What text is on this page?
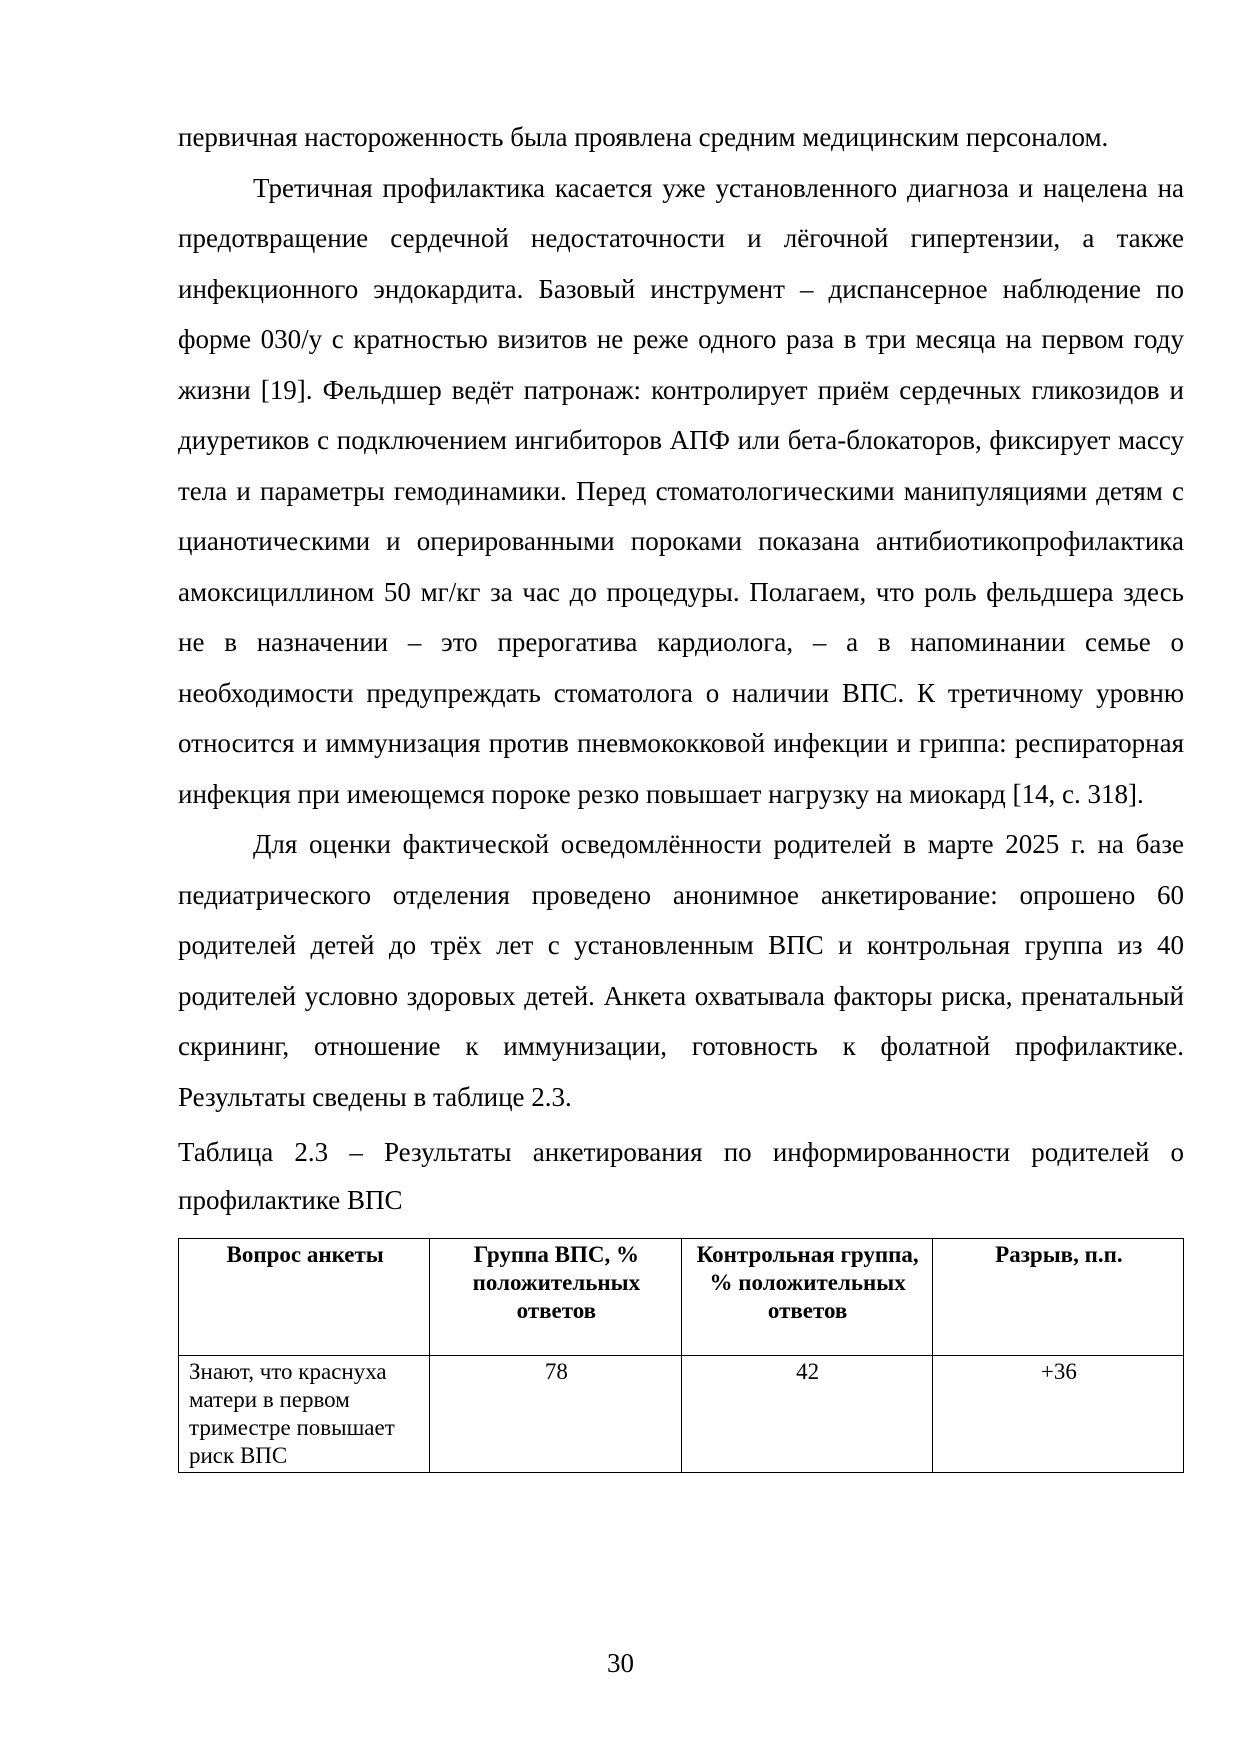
первичная настороженность была проявлена средним медицинским персоналом.

Третичная профилактика касается уже установленного диагноза и нацелена на предотвращение сердечной недостаточности и лёгочной гипертензии, а также инфекционного эндокардита. Базовый инструмент – диспансерное наблюдение по форме 030/у с кратностью визитов не реже одного раза в три месяца на первом году жизни [19]. Фельдшер ведёт патронаж: контролирует приём сердечных гликозидов и диуретиков с подключением ингибиторов АПФ или бета-блокаторов, фиксирует массу тела и параметры гемодинамики. Перед стоматологическими манипуляциями детям с цианотическими и оперированными пороками показана антибиотикопрофилактика амоксициллином 50 мг/кг за час до процедуры. Полагаем, что роль фельдшера здесь не в назначении – это прерогатива кардиолога, – а в напоминании семье о необходимости предупреждать стоматолога о наличии ВПС. К третичному уровню относится и иммунизация против пневмококковой инфекции и гриппа: респираторная инфекция при имеющемся пороке резко повышает нагрузку на миокард [14, с. 318].

Для оценки фактической осведомлённости родителей в марте 2025 г. на базе педиатрического отделения проведено анонимное анкетирование: опрошено 60 родителей детей до трёх лет с установленным ВПС и контрольная группа из 40 родителей условно здоровых детей. Анкета охватывала факторы риска, пренатальный скрининг, отношение к иммунизации, готовность к фолатной профилактике. Результаты сведены в таблице 2.3.

Таблица 2.3 – Результаты анкетирования по информированности родителей о профилактике ВПС

Вопрос анкеты	Группа ВПС, % положительных ответов	Контрольная группа, % положительных ответов	Разрыв, п.п.
Знают, что краснуха матери в первом триместре повышает риск ВПС	78	42	+36
30
